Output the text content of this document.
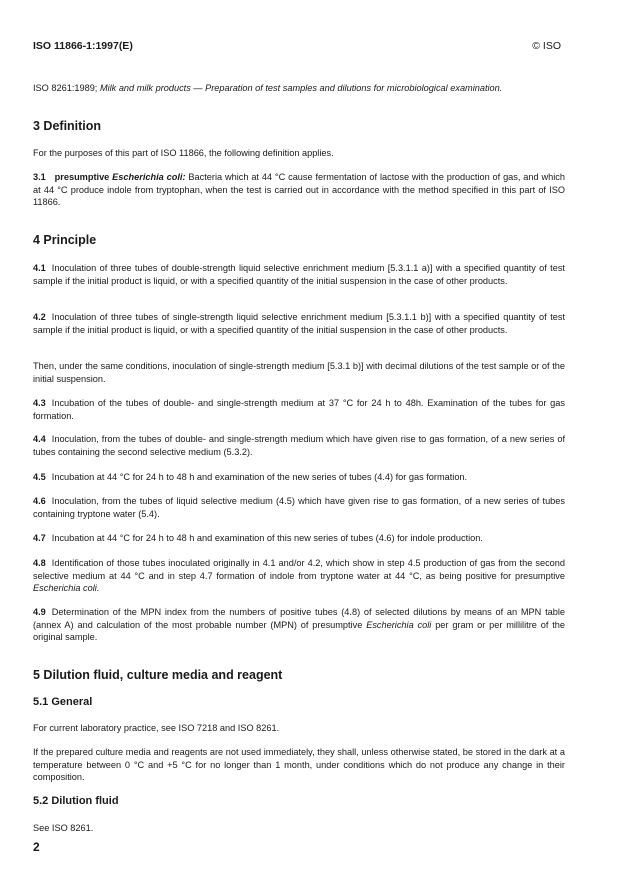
ISO 11866-1:1997(E)	© ISO
ISO 8261:1989; Milk and milk products — Preparation of test samples and dilutions for microbiological examination.
3 Definition
For the purposes of this part of ISO 11866, the following definition applies.
3.1 presumptive Escherichia coli: Bacteria which at 44 °C cause fermentation of lactose with the production of gas, and which at 44 °C produce indole from tryptophan, when the test is carried out in accordance with the method specified in this part of ISO 11866.
4 Principle
4.1 Inoculation of three tubes of double-strength liquid selective enrichment medium [5.3.1.1 a)] with a specified quantity of test sample if the initial product is liquid, or with a specified quantity of the initial suspension in the case of other products.
4.2 Inoculation of three tubes of single-strength liquid selective enrichment medium [5.3.1.1 b)] with a specified quantity of test sample if the initial product is liquid, or with a specified quantity of the initial suspension in the case of other products.
Then, under the same conditions, inoculation of single-strength medium [5.3.1 b)] with decimal dilutions of the test sample or of the initial suspension.
4.3 Incubation of the tubes of double- and single-strength medium at 37 °C for 24 h to 48h. Examination of the tubes for gas formation.
4.4 Inoculation, from the tubes of double- and single-strength medium which have given rise to gas formation, of a new series of tubes containing the second selective medium (5.3.2).
4.5 Incubation at 44 °C for 24 h to 48 h and examination of the new series of tubes (4.4) for gas formation.
4.6 Inoculation, from the tubes of liquid selective medium (4.5) which have given rise to gas formation, of a new series of tubes containing tryptone water (5.4).
4.7 Incubation at 44 °C for 24 h to 48 h and examination of this new series of tubes (4.6) for indole production.
4.8 Identification of those tubes inoculated originally in 4.1 and/or 4.2, which show in step 4.5 production of gas from the second selective medium at 44 °C and in step 4.7 formation of indole from tryptone water at 44 °C, as being positive for presumptive Escherichia coli.
4.9 Determination of the MPN index from the numbers of positive tubes (4.8) of selected dilutions by means of an MPN table (annex A) and calculation of the most probable number (MPN) of presumptive Escherichia coli per gram or per millilitre of the original sample.
5 Dilution fluid, culture media and reagent
5.1 General
For current laboratory practice, see ISO 7218 and ISO 8261.
If the prepared culture media and reagents are not used immediately, they shall, unless otherwise stated, be stored in the dark at a temperature between 0 °C and +5 °C for no longer than 1 month, under conditions which do not produce any change in their composition.
5.2 Dilution fluid
See ISO 8261.
2
